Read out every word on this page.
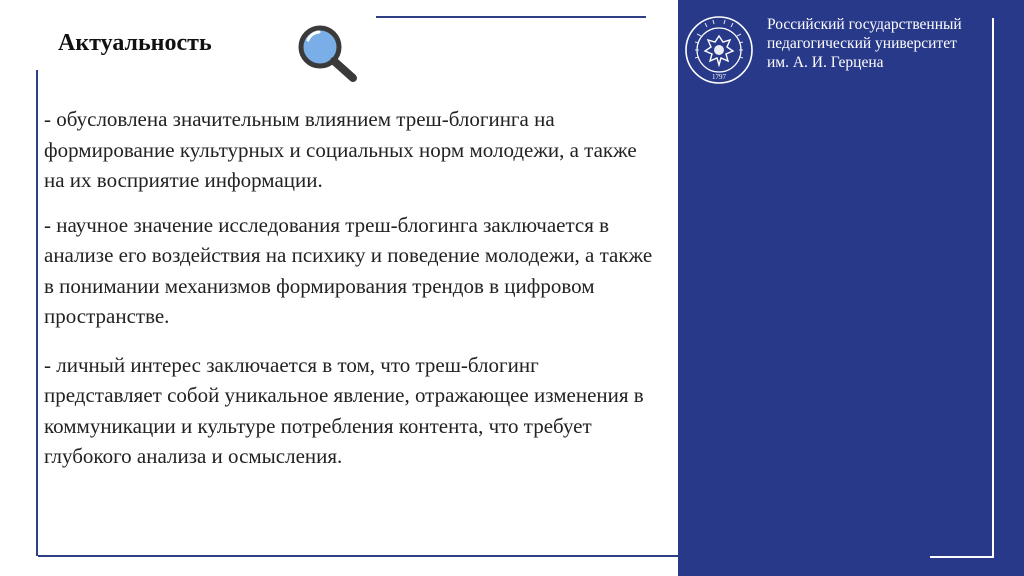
Актуальность

- обусловлена значительным влиянием треш-блогинга на формирование культурных и социальных норм молодежи, а также на их восприятие информации.

- научное значение исследования треш-блогинга заключается в анализе его воздействия на психику и поведение молодежи, а также в понимании механизмов формирования трендов в цифровом пространстве.

- личный интерес заключается в том, что треш-блогинг представляет собой уникальное явление, отражающее изменения в коммуникации и культуре потребления контента, что требует глубокого анализа и осмысления.

1797
Российский государственный
педагогический университет
им. А. И. Герцена
